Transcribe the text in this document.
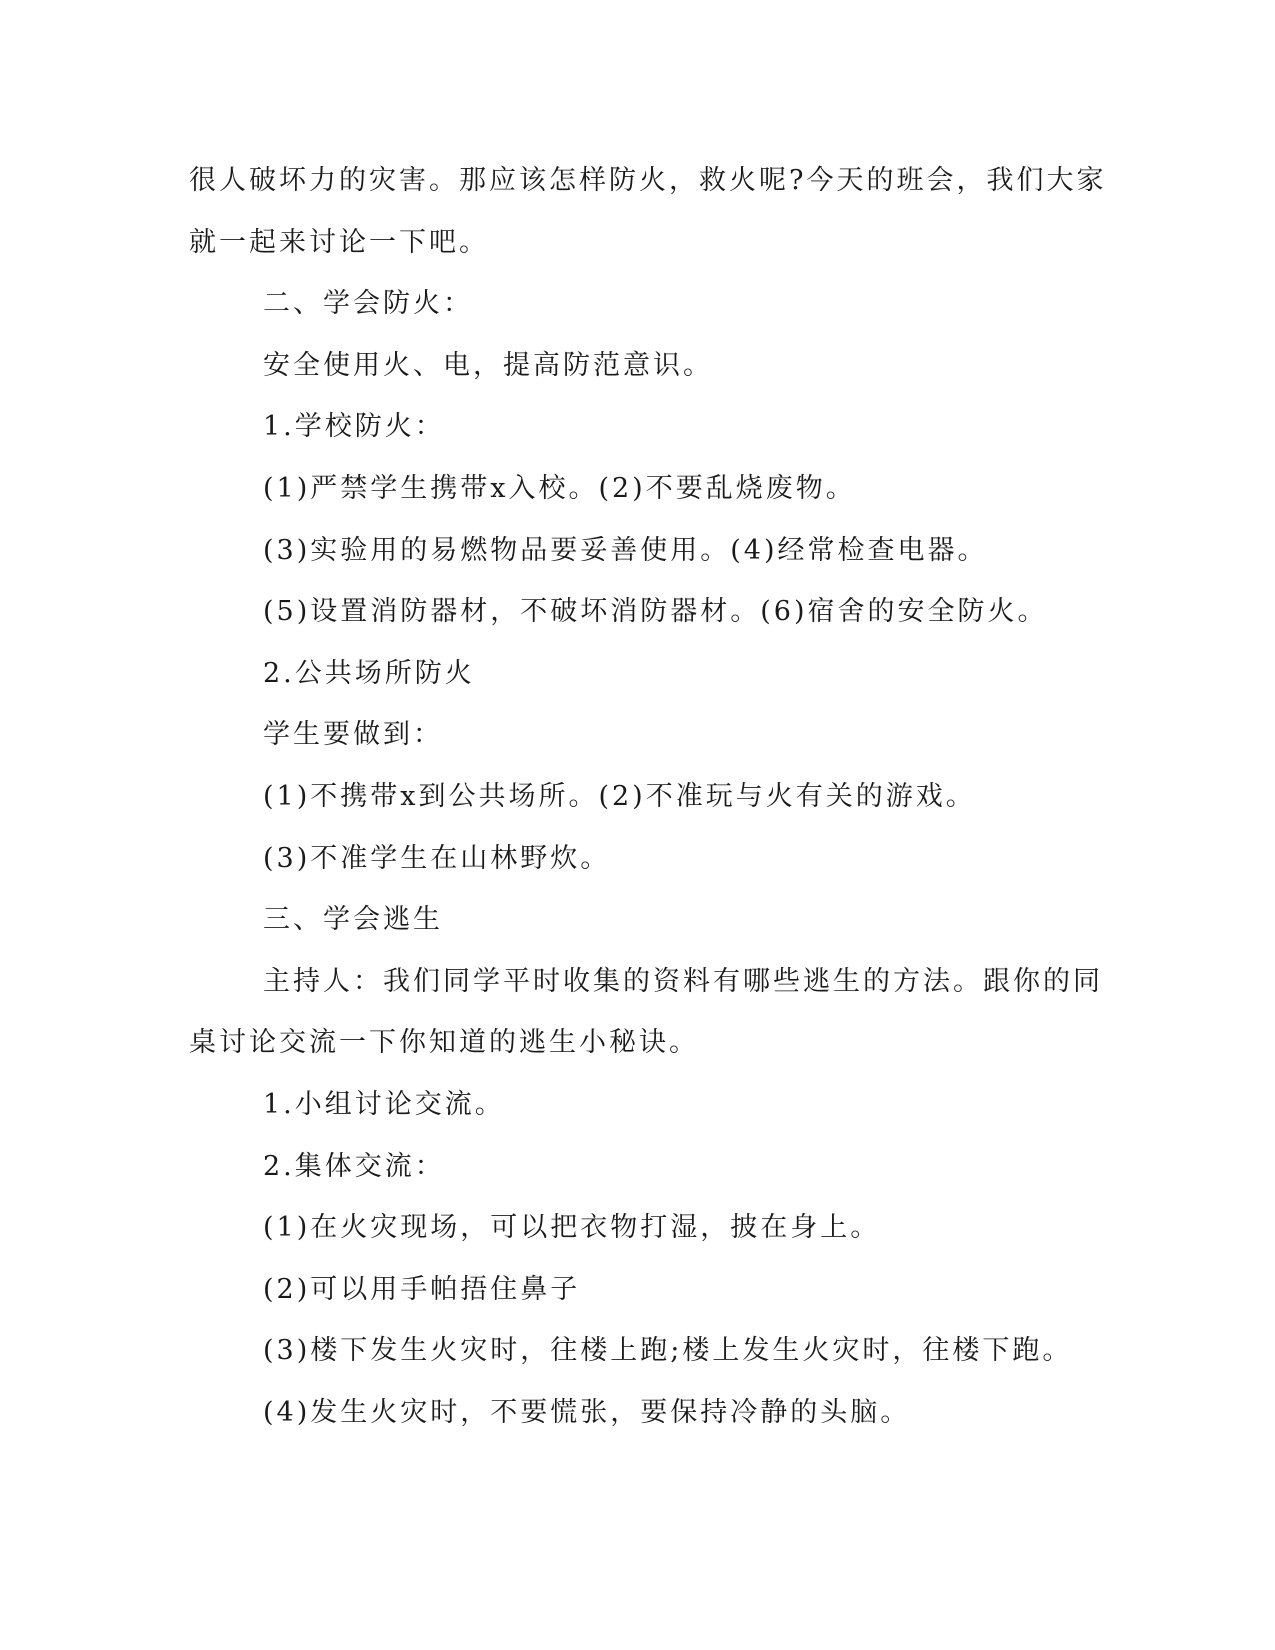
很人破坏力的灾害。那应该怎样防火，救火呢?今天的班会，我们大家

就一起来讨论一下吧。

二、学会防火：

安全使用火、电，提高防范意识。

1.学校防火：

(1)严禁学生携带x入校。(2)不要乱烧废物。

(3)实验用的易燃物品要妥善使用。(4)经常检查电器。

(5)设置消防器材，不破坏消防器材。(6)宿舍的安全防火。

2.公共场所防火

学生要做到：

(1)不携带x到公共场所。(2)不准玩与火有关的游戏。

(3)不准学生在山林野炊。

三、学会逃生

主持人：我们同学平时收集的资料有哪些逃生的方法。跟你的同

桌讨论交流一下你知道的逃生小秘诀。

1.小组讨论交流。

2.集体交流：

(1)在火灾现场，可以把衣物打湿，披在身上。

(2)可以用手帕捂住鼻子

(3)楼下发生火灾时，往楼上跑;楼上发生火灾时，往楼下跑。

(4)发生火灾时，不要慌张，要保持冷静的头脑。
